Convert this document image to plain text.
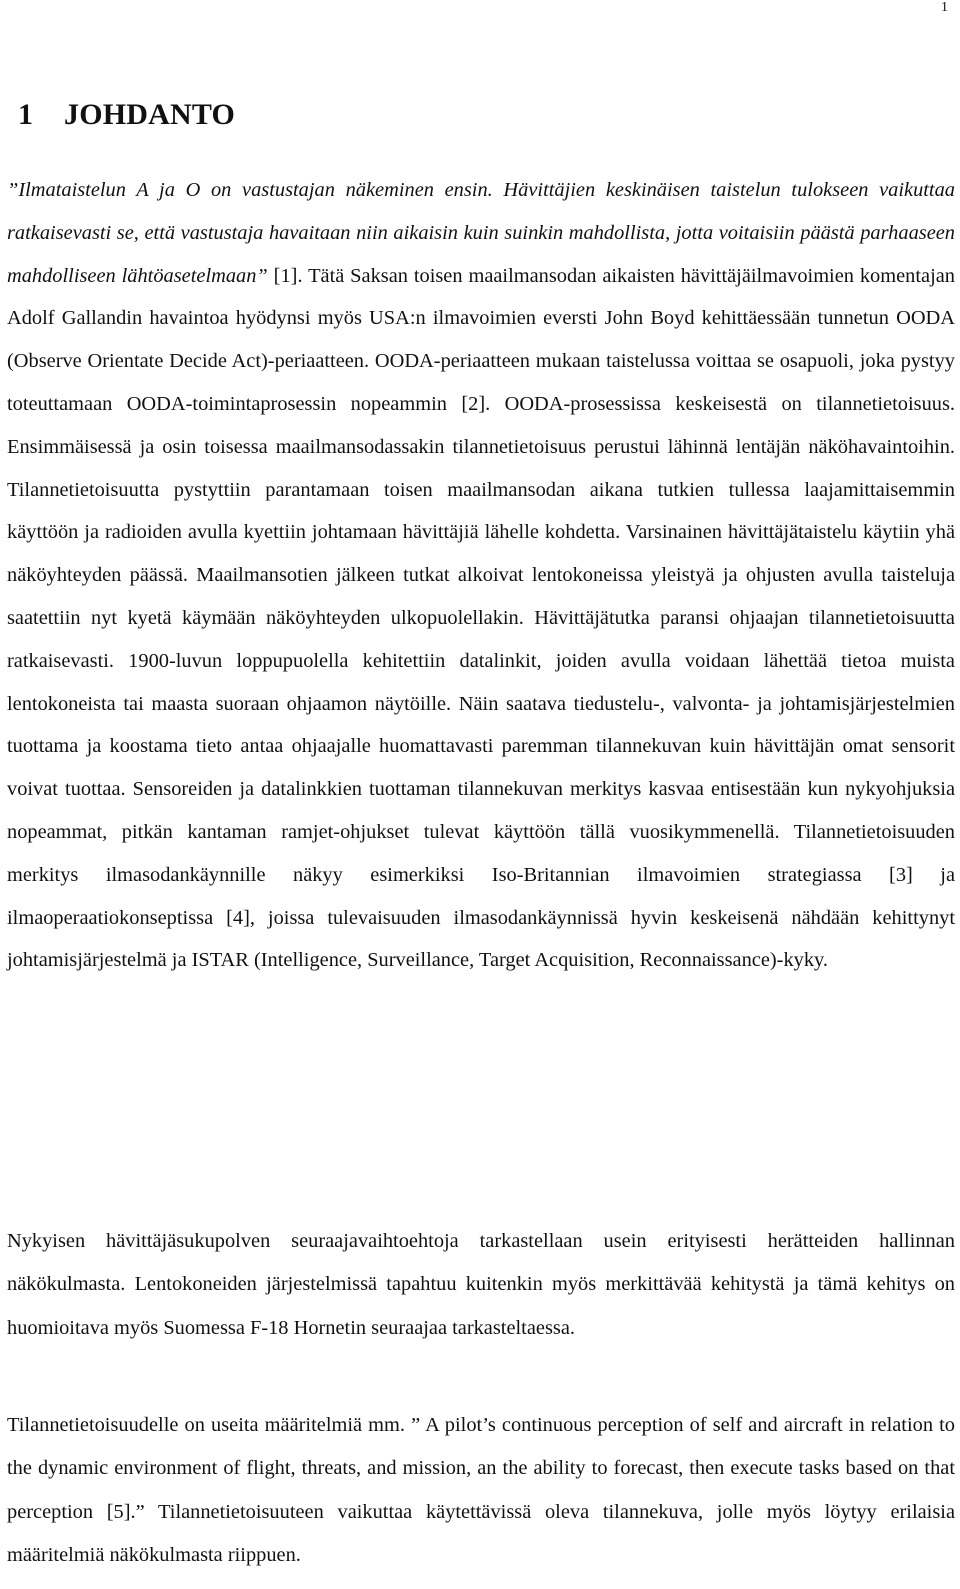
1
1 JOHDANTO

”Ilmataistelun A ja O on vastustajan näkeminen ensin. Hävittäjien keskinäisen taistelun tulokseen vaikuttaa ratkaisevasti se, että vastustaja havaitaan niin aikaisin kuin suinkin mahdollista, jotta voitaisiin päästä parhaaseen mahdolliseen lähtöasetelmaan” [1]. Tätä Saksan toisen maailmansodan aikaisten hävittäjäilmavoimien komentajan Adolf Gallandin havaintoa hyödynsi myös USA:n ilmavoimien eversti John Boyd kehittäessään tunnetun OODA (Observe Orientate Decide Act)-periaatteen. OODA-periaatteen mukaan taistelussa voittaa se osapuoli, joka pystyy toteuttamaan OODA-toimintaprosessin nopeammin [2]. OODA-prosessissa keskeisestä on tilannetietoisuus. Ensimmäisessä ja osin toisessa maailmansodassakin tilannetietoisuus perustui lähinnä lentäjän näköhavaintoihin. Tilannetietoisuutta pystyttiin parantamaan toisen maailmansodan aikana tutkien tullessa laajamittaisemmin käyttöön ja radioiden avulla kyettiin johtamaan hävittäjiä lähelle kohdetta. Varsinainen hävittäjätaistelu käytiin yhä näköyhteyden päässä. Maailmansotien jälkeen tutkat alkoivat lentokoneissa yleistyä ja ohjusten avulla taisteluja saatettiin nyt kyetä käymään näköyhteyden ulkopuolellakin. Hävittäjätutka paransi ohjaajan tilannetietoisuutta ratkaisevasti. 1900-luvun loppupuolella kehitettiin datalinkit, joiden avulla voidaan lähettää tietoa muista lentokoneista tai maasta suoraan ohjaamon näytöille. Näin saatava tiedustelu-, valvonta- ja johtamisjärjestelmien tuottama ja koostama tieto antaa ohjaajalle huomattavasti paremman tilannekuvan kuin hävittäjän omat sensorit voivat tuottaa. Sensoreiden ja datalinkkien tuottaman tilannekuvan merkitys kasvaa entisestään kun nykyohjuksia nopeammat, pitkän kantaman ramjet-ohjukset tulevat käyttöön tällä vuosikymmenellä. Tilannetietoisuuden merkitys ilmasodankäynnille näkyy esimerkiksi Iso-Britannian ilmavoimien strategiassa [3] ja ilmaoperaatiokonseptissa [4], joissa tulevaisuuden ilmasodankäynnissä hyvin keskeisenä nähdään kehittynyt johtamisjärjestelmä ja ISTAR (Intelligence, Surveillance, Target Acquisition, Reconnaissance)-kyky.

Nykyisen hävittäjäsukupolven seuraajavaihtoehtoja tarkastellaan usein erityisesti herätteiden hallinnan näkökulmasta. Lentokoneiden järjestelmissä tapahtuu kuitenkin myös merkittävää kehitystä ja tämä kehitys on huomioitava myös Suomessa F-18 Hornetin seuraajaa tarkasteltaessa.

Tilannetietoisuudelle on useita määritelmiä mm. ” A pilot’s continuous perception of self and aircraft in relation to the dynamic environment of flight, threats, and mission, an the ability to forecast, then execute tasks based on that perception [5].” Tilannetietoisuuteen vaikuttaa käytettävissä oleva tilannekuva, jolle myös löytyy erilaisia määritelmiä näkökulmasta riippuen.
